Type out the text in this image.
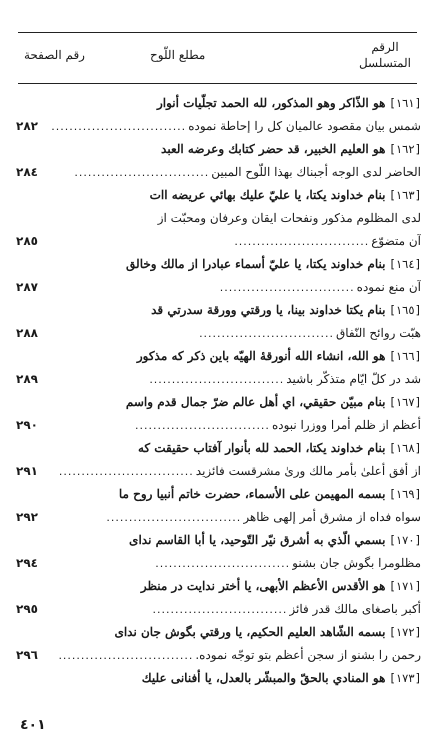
الرقم
المتسلسل
مطلع اللّوح
رقم الصفحة
[١٦١]
هو الذّاكر وهو المذكور، لله الحمد تجلّيات أنوار
شمس بيان مقصود عالميان كل را إحاطة نموده
..............................
٢٨٢
[١٦٢]
هو العليم الخبير، قد حضر كتابك وعرضه العبد
الحاضر لدى الوجه أجبناك بهذا اللّوح المبين
..............................
٢٨٤
[١٦٣]
بنام خداوند يكتا، يا عليّ عليك بهائي عريضه اات
لدى المظلوم مذكور ونفحات ايقان وعرفان ومحبّت از
آن متضوّع
..............................
٢٨٥
[١٦٤]
بنام خداوند يكتا، يا عليّ أسماء عبادرا از مالك وخالق
آن منع نموده
..............................
٢٨٧
[١٦٥]
بنام يكتا خداوند بينا، يا ورقتي وورقة سدرتي قد
هبّت روائح النّفاق
..............................
٢٨٨
[١٦٦]
هو الله، انشاء الله أنورقهٔ الهيّه باين ذكر كه مذكور
شد در كلّ ايّام متذكّر باشيد
..............................
٢٨٩
[١٦٧]
بنام مبيّن حقيقي، اي أهل عالم ضرّ جمال قدم واسم
أعظم از ظلم أمرا ووزرا نبوده
..............................
٢٩٠
[١٦٨]
بنام خداوند يكتا، الحمد لله بأنوار آفتاب حقيقت كه
از أفق أعلىٰ بأمر مالك ورىٰ مشرقست فائزيد
..............................
٢٩١
[١٦٩]
بسمه المهيمن على الأسماء، حضرت خاتم أنبيا روح ما
سواه فداه از مشرق أمر إلهى ظاهر
..............................
٢٩٢
[١٧٠]
بسمي الّذي به أشرق نيّر التّوحيد، يا أبا القاسم نداى
مظلومرا بگوش جان بشنو
..............................
٢٩٤
[١٧١]
هو الأقدس الأعظم الأبهى، يا أختر ندايت در منظر
أكبر باصغاى مالك قدر فائز
..............................
٢٩٥
[١٧٢]
بسمه الشّاهد العليم الحكيم، يا ورقتي بگوش جان نداى
رحمن را بشنو از سجن أعظم بتو توجّه نموده.
..............................
٢٩٦
[١٧٣]
هو المنادي بالحقّ والمبشّر بالعدل، يا أفنانى عليك
٤٠١
